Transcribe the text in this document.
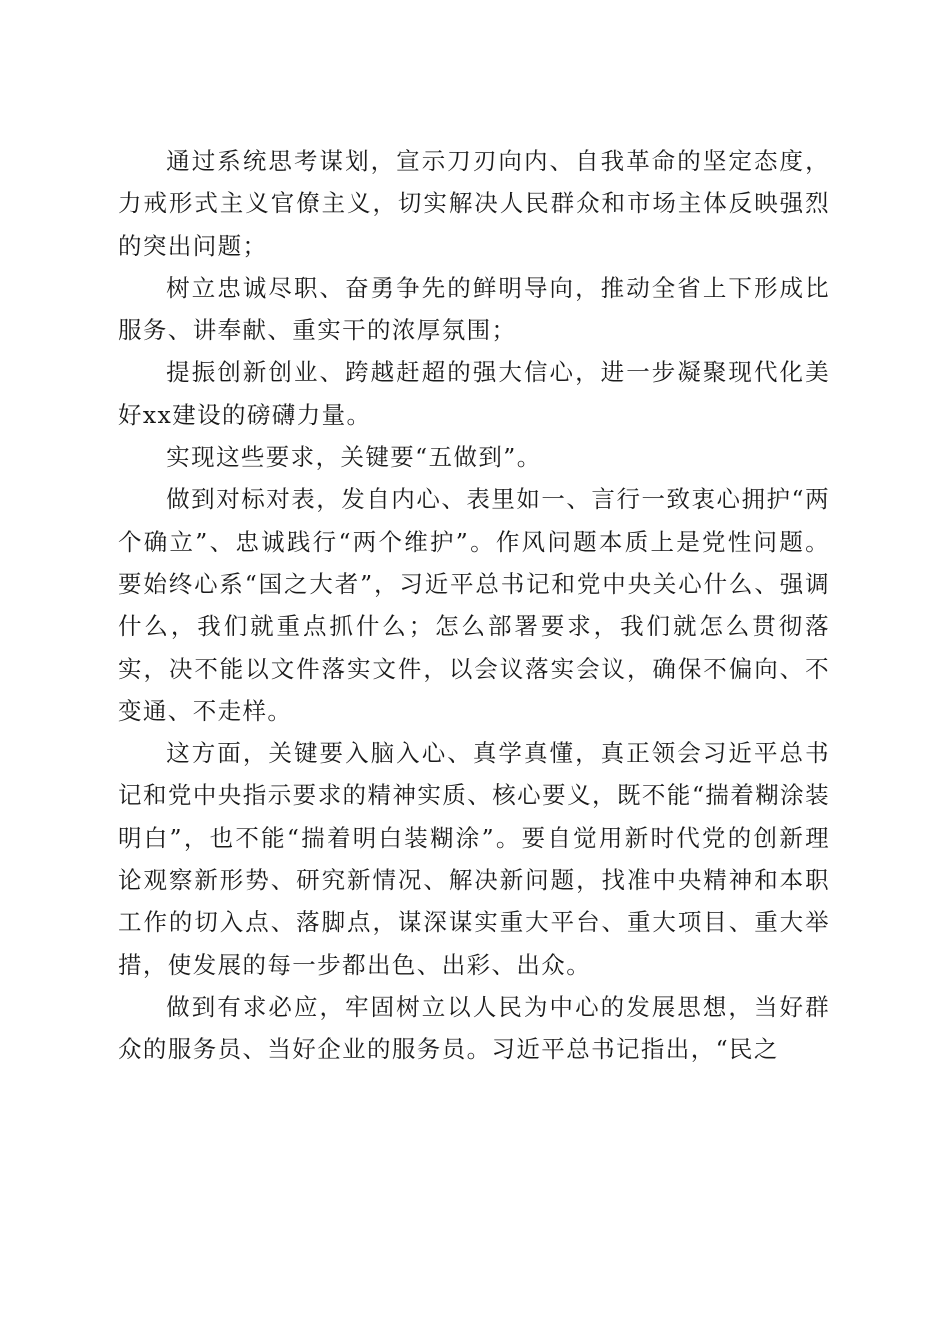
通过系统思考谋划，宣示刀刃向内、自我革命的坚定态度，力戒形式主义官僚主义，切实解决人民群众和市场主体反映强烈的突出问题；

树立忠诚尽职、奋勇争先的鲜明导向，推动全省上下形成比服务、讲奉献、重实干的浓厚氛围；

提振创新创业、跨越赶超的强大信心，进一步凝聚现代化美好xx建设的磅礴力量。

实现这些要求，关键要“五做到”。

做到对标对表，发自内心、表里如一、言行一致衷心拥护“两个确立”、忠诚践行“两个维护”。作风问题本质上是党性问题。要始终心系“国之大者”，习近平总书记和党中央关心什么、强调什么，我们就重点抓什么；怎么部署要求，我们就怎么贯彻落实，决不能以文件落实文件，以会议落实会议，确保不偏向、不变通、不走样。

这方面，关键要入脑入心、真学真懂，真正领会习近平总书记和党中央指示要求的精神实质、核心要义，既不能“揣着糊涂装明白”，也不能“揣着明白装糊涂”。要自觉用新时代党的创新理论观察新形势、研究新情况、解决新问题，找准中央精神和本职工作的切入点、落脚点，谋深谋实重大平台、重大项目、重大举措，使发展的每一步都出色、出彩、出众。

做到有求必应，牢固树立以人民为中心的发展思想，当好群众的服务员、当好企业的服务员。习近平总书记指出，“民之
